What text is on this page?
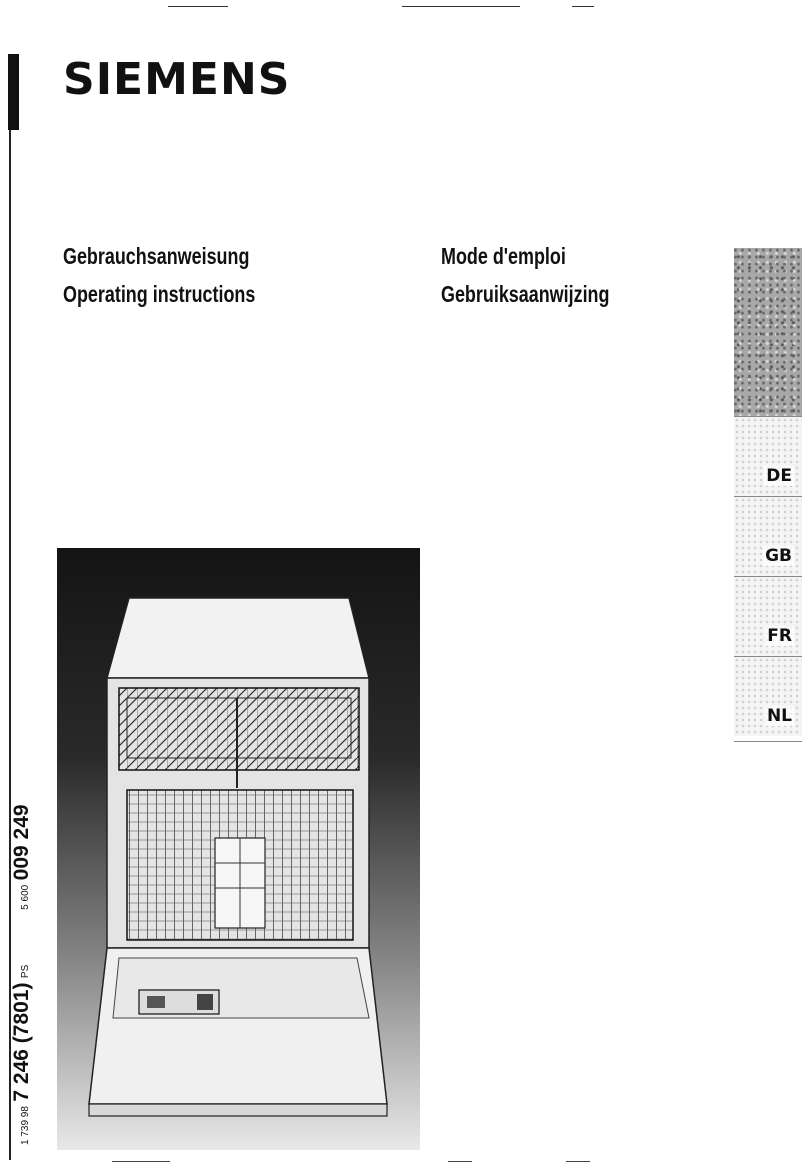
SIEMENS

Gebrauchsanweisung

Operating instructions

Mode d'emploi

Gebruiksaanwijzing

DE
GB
FR
NL
1 739 98 7 246 (7801) PS  5 600 009 249
